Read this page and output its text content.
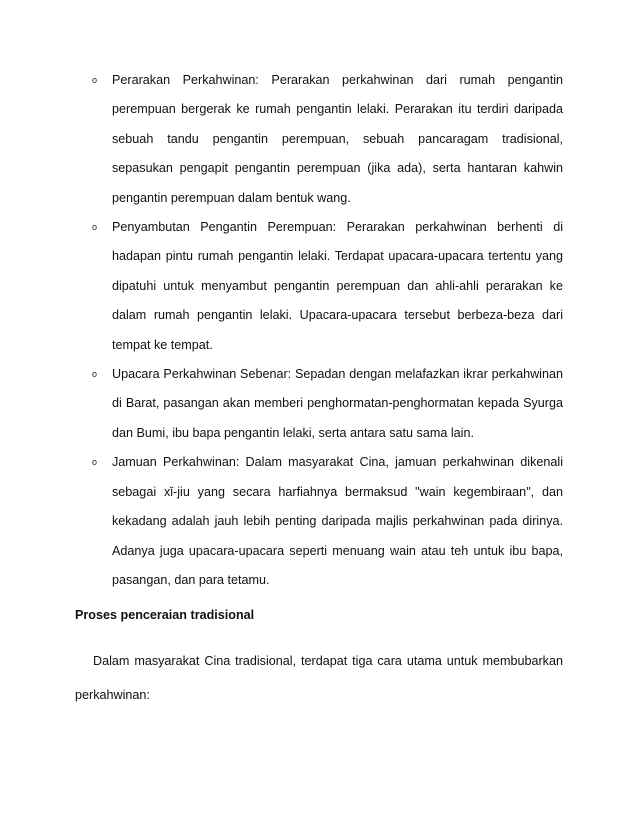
o Perarakan Perkahwinan: Perarakan perkahwinan dari rumah pengantin perempuan bergerak ke rumah pengantin lelaki. Perarakan itu terdiri daripada sebuah tandu pengantin perempuan, sebuah pancaragam tradisional, sepasukan pengapit pengantin perempuan (jika ada), serta hantaran kahwin pengantin perempuan dalam bentuk wang.
o Penyambutan Pengantin Perempuan: Perarakan perkahwinan berhenti di hadapan pintu rumah pengantin lelaki. Terdapat upacara-upacara tertentu yang dipatuhi untuk menyambut pengantin perempuan dan ahli-ahli perarakan ke dalam rumah pengantin lelaki. Upacara-upacara tersebut berbeza-beza dari tempat ke tempat.
o Upacara Perkahwinan Sebenar: Sepadan dengan melafazkan ikrar perkahwinan di Barat, pasangan akan memberi penghormatan-penghormatan kepada Syurga dan Bumi, ibu bapa pengantin lelaki, serta antara satu sama lain.
o Jamuan Perkahwinan: Dalam masyarakat Cina, jamuan perkahwinan dikenali sebagai xǐ-jiu yang secara harfiahnya bermaksud "wain kegembiraan", dan kekadang adalah jauh lebih penting daripada majlis perkahwinan pada dirinya. Adanya juga upacara-upacara seperti menuang wain atau teh untuk ibu bapa, pasangan, dan para tetamu.
Proses penceraian tradisional

Dalam masyarakat Cina tradisional, terdapat tiga cara utama untuk membubarkan perkahwinan:
